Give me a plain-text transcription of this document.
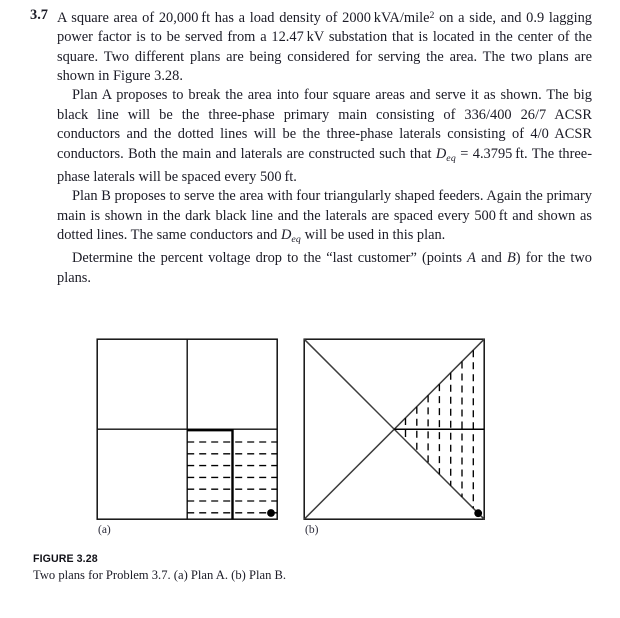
3.7 A square area of 20,000 ft has a load density of 2000 kVA/mile$^2$ on a side, and 0.9 lagging power factor is to be served from a 12.47 kV substation that is located in the center of the square. Two different plans are being considered for serving the area. The two plans are shown in Figure 3.28.

Plan A proposes to break the area into four square areas and serve it as shown. The big black line will be the three-phase primary main consisting of 336/400 26/7 ACSR conductors and the dotted lines will be the three-phase laterals consisting of 4/0 ACSR conductors. Both the main and laterals are constructed such that $D_{eq} = 4.3795$ ft. The three-phase laterals will be spaced every 500 ft.

Plan B proposes to serve the area with four triangularly shaped feeders. Again the primary main is shown in the dark black line and the laterals are spaced every 500 ft and shown as dotted lines. The same conductors and $D_{eq}$ will be used in this plan.

Determine the percent voltage drop to the “last customer” (points A and B) for the two plans.

(a)	(b)
FIGURE 3.28
Two plans for Problem 3.7. (a) Plan A. (b) Plan B.
